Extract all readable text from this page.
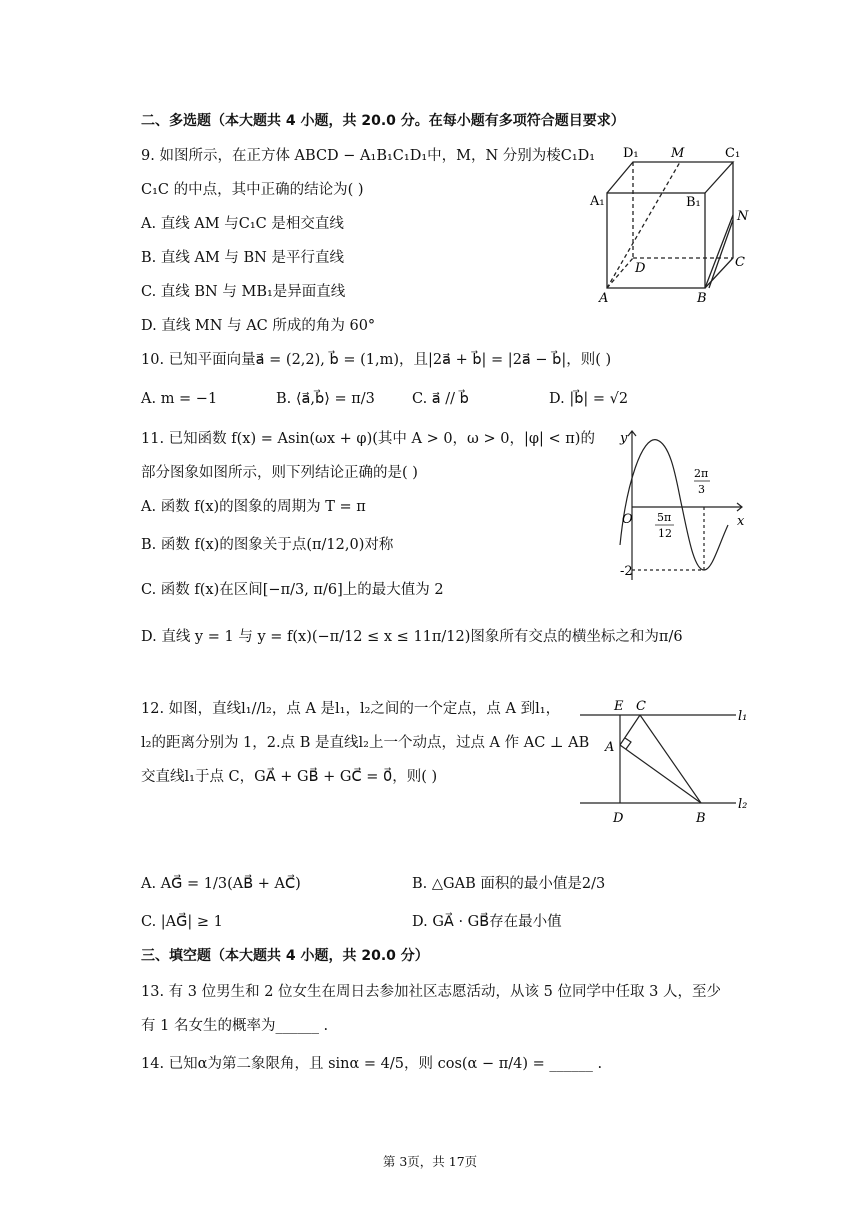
二、多选题（本大题共 4 小题，共 20.0 分。在每小题有多项符合题目要求）
9. 如图所示，在正方体 ABCD − A₁B₁C₁D₁中，M，N 分别为棱C₁D₁
C₁C 的中点，其中正确的结论为( )
A. 直线 AM 与C₁C 是相交直线
B. 直线 AM 与 BN 是平行直线
C. 直线 BN 与 MB₁是异面直线
D. 直线 MN 与 AC 所成的角为 60°
D₁ M	C₁
A₁	B₁
N
D	C
A	B
10. 已知平面向量a⃗ = (2,2), b⃗ = (1,m)，且|2a⃗ + b⃗| = |2a⃗ − b⃗|，则( )
A. m = −1	B. ⟨a⃗,b⃗⟩ = π/3	C. a⃗ // b⃗	D. |b⃗| = √2
11. 已知函数 f(x) = Asin(ωx + φ)(其中 A > 0，ω > 0，|φ| < π)的
部分图象如图所示，则下列结论正确的是( )
A. 函数 f(x)的图象的周期为 T = π
B. 函数 f(x)的图象关于点(π/12,0)对称
C. 函数 f(x)在区间[−π/3, π/6]上的最大值为 2
D. 直线 y = 1 与 y = f(x)(−π/12 ≤ x ≤ 11π/12)图象所有交点的横坐标之和为π/6
y
x
O
-2
5π
12
2π
3
12. 如图，直线l₁//l₂，点 A 是l₁，l₂之间的一个定点，点 A 到l₁，
l₂的距离分别为 1，2.点 B 是直线l₂上一个动点，过点 A 作 AC ⊥ AB
交直线l₁于点 C，GA⃗ + GB⃗ + GC⃗ = 0⃗，则( )
E C
A
D	B
l₁
l₂
A. AG⃗ = 1/3(AB⃗ + AC⃗)	B. △GAB 面积的最小值是2/3
C. |AG⃗| ≥ 1	D. GA⃗ · GB⃗存在最小值
三、填空题（本大题共 4 小题，共 20.0 分）
13. 有 3 位男生和 2 位女生在周日去参加社区志愿活动，从该 5 位同学中任取 3 人，至少
有 1 名女生的概率为______ .
14. 已知α为第二象限角，且 sinα = 4/5，则 cos(α − π/4) = ______ .
第 3页，共 17页
